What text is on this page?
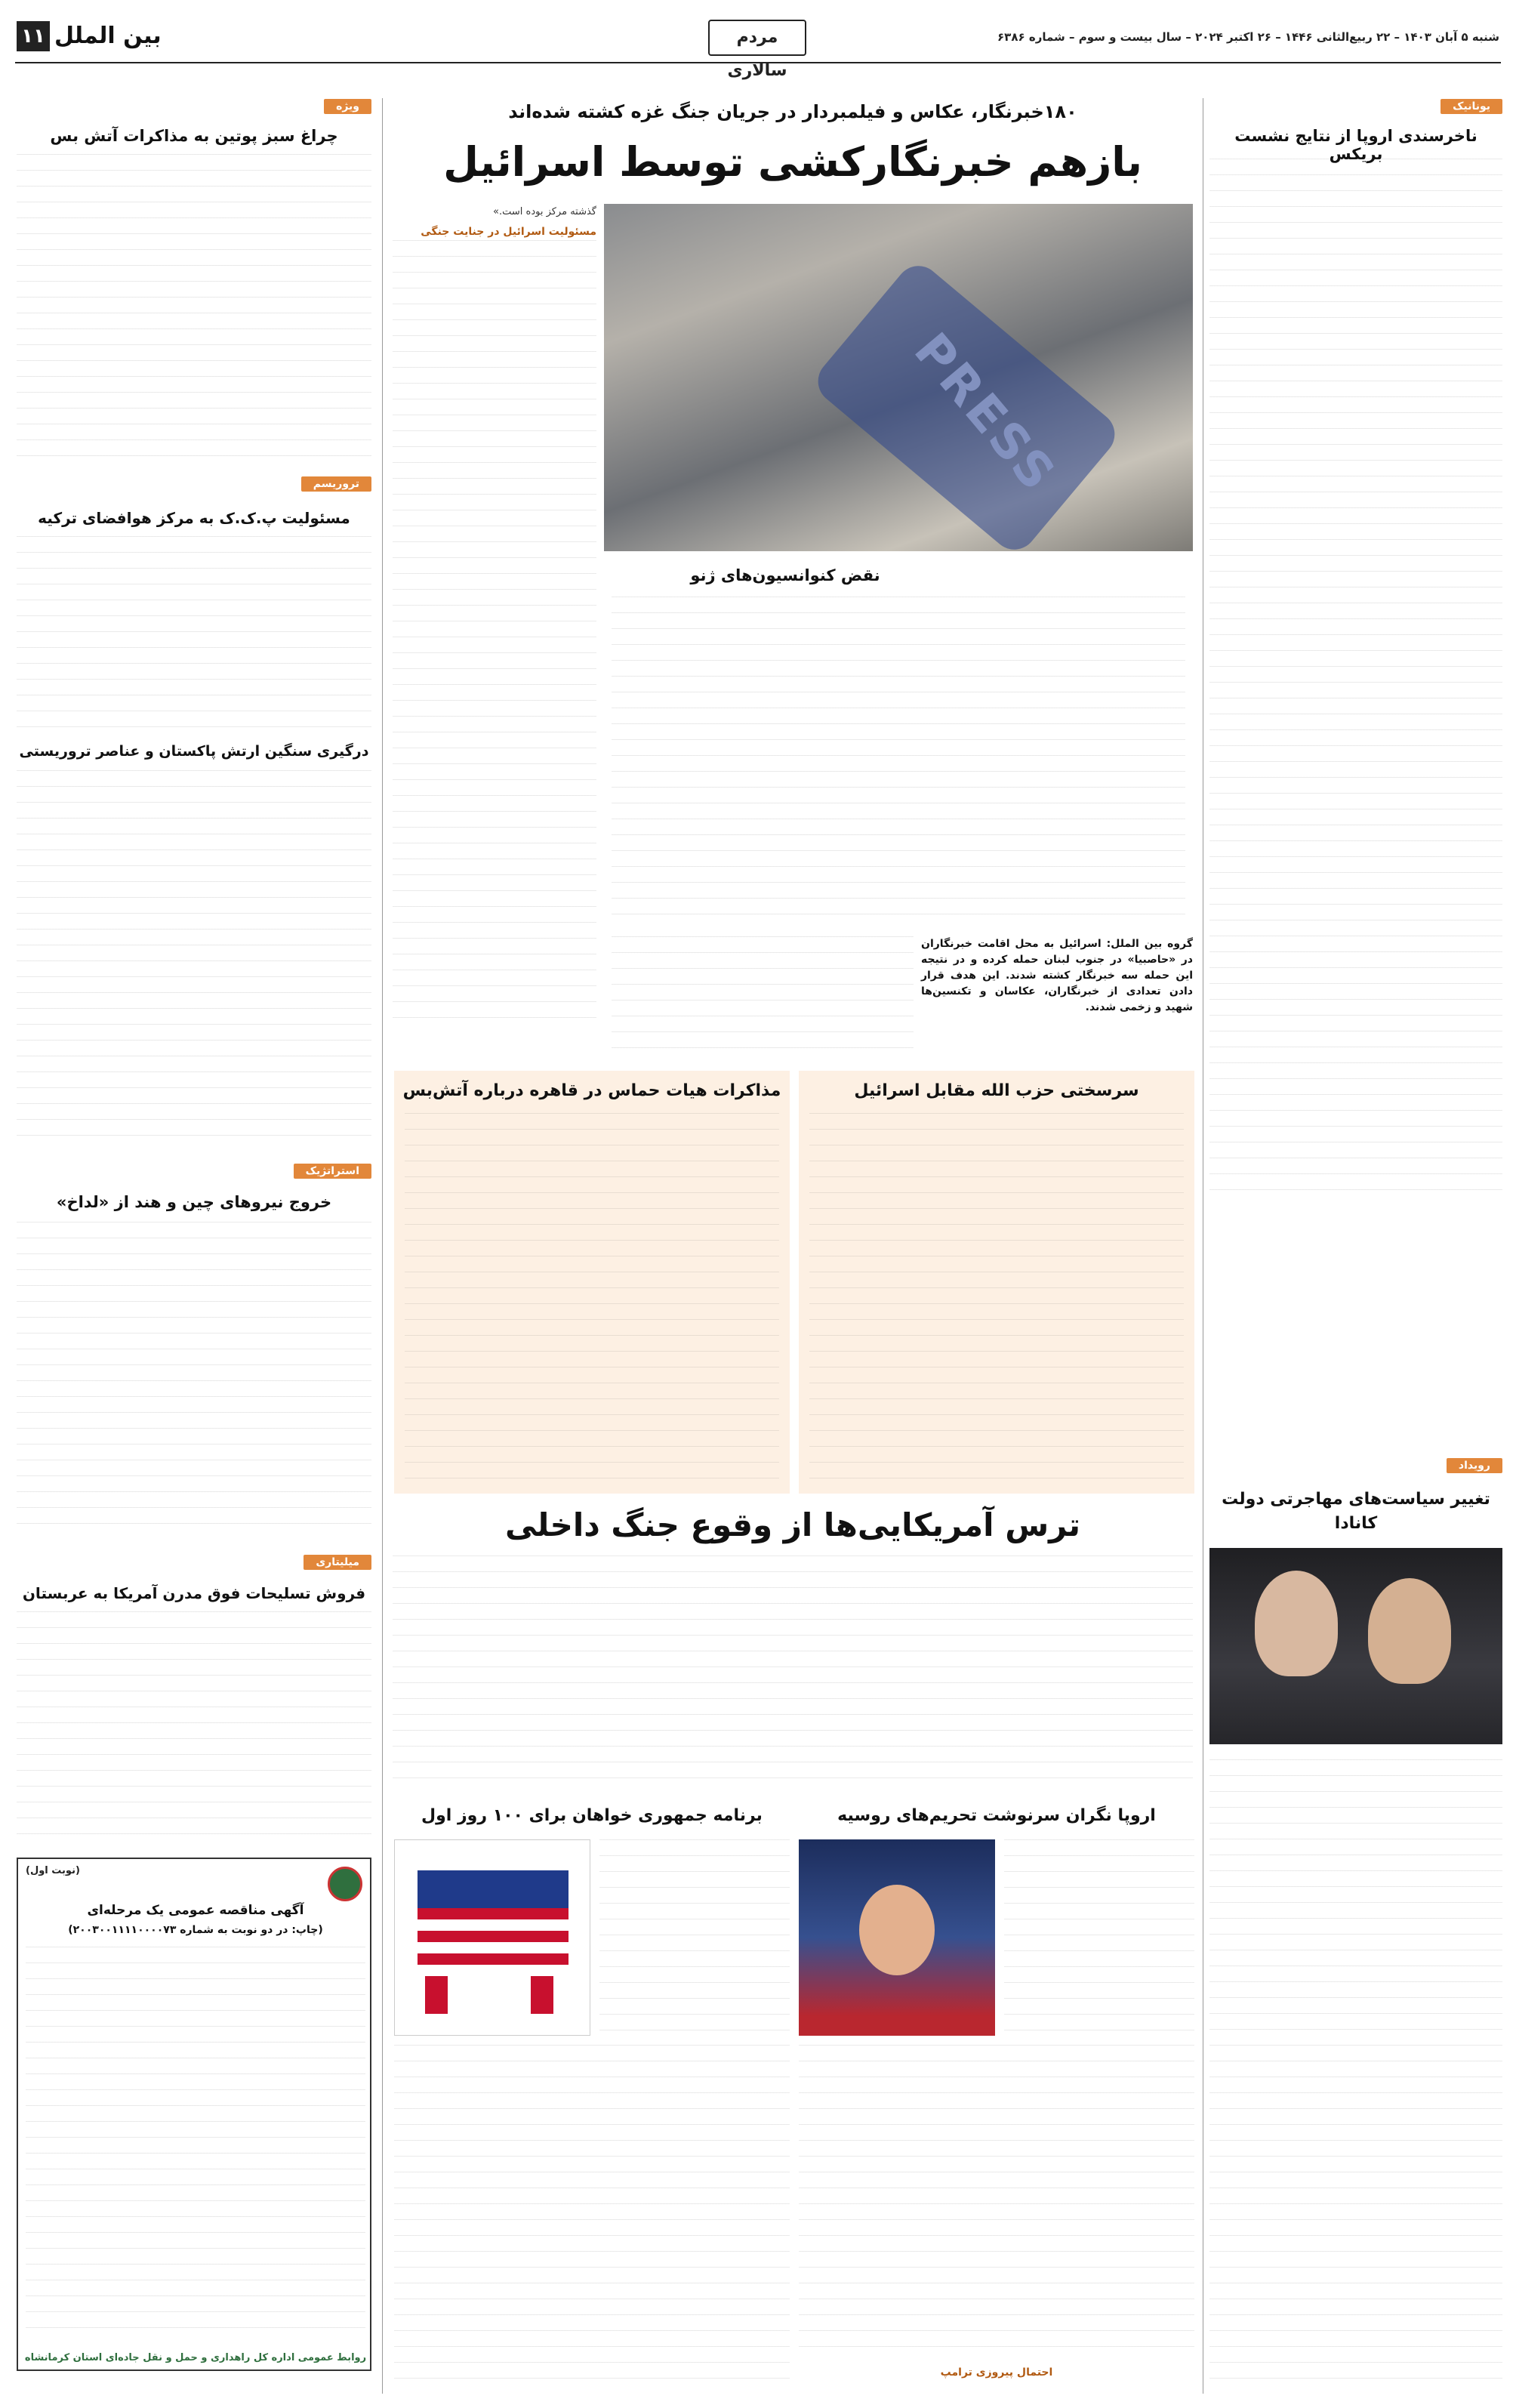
۱۱ بین الملل	مردم سالاری
شنبه ۵ آبان ۱۴۰۳ – ۲۲ ربیع‌الثانی ۱۴۴۶ – ۲۶ اکتبر ۲۰۲۴ – سال بیست و سوم – شماره ۶۳۸۶
یونانیک
ناخرسندی اروپا از نتایج نشست بریکس
رویداد
تغییر سیاست‌های مهاجرتی دولت کانادا
ویژه
چراغ سبز پوتین به مذاکرات آتش بس
تروریسم
مسئولیت پ.ک.ک به مرکز هوافضای ترکیه
درگیری سنگین ارتش پاکستان و عناصر تروریستی
استراتژیک
خروج نیروهای چین و هند از «لداخ»
میلیتاری
فروش تسلیحات فوق مدرن آمریکا به عربستان
(نوبت اول)
آگهی مناقصه عمومی یک مرحله‌ای
(چاپ: در دو نوبت به شماره ۲۰۰۳۰۰۱۱۱۱۰۰۰۰۷۳)
روابط عمومی اداره کل راهداری و حمل و نقل جاده‌ای استان کرمانشاه
۱۸۰خبرنگار، عکاس و فیلمبردار در جریان جنگ غزه کشته شده‌اند
بازهم خبرنگارکشی توسط اسرائیل

گذشته مرکز بوده است.»

مسئولیت اسرائیل در جنایت جنگی
نقض کنوانسیون‌های ژنو
گروه بین الملل: اسرائیل به محل اقامت خبرنگاران در «حاصبیا» در جنوب لبنان حمله کرده و در نتیجه این حمله سه خبرنگار کشته شدند. این هدف قرار دادن تعدادی از خبرنگاران، عکاسان و تکنسین‌ها شهید و زخمی شدند.
سرسختی حزب الله مقابل اسرائیل
مذاکرات هیات حماس در قاهره درباره آتش‌بس
ترس آمریکایی‌ها از وقوع جنگ داخلی
اروپا نگران سرنوشت تحریم‌های روسیه
احتمال پیروزی ترامپ
برنامه جمهوری خواهان برای ۱۰۰ روز اول
